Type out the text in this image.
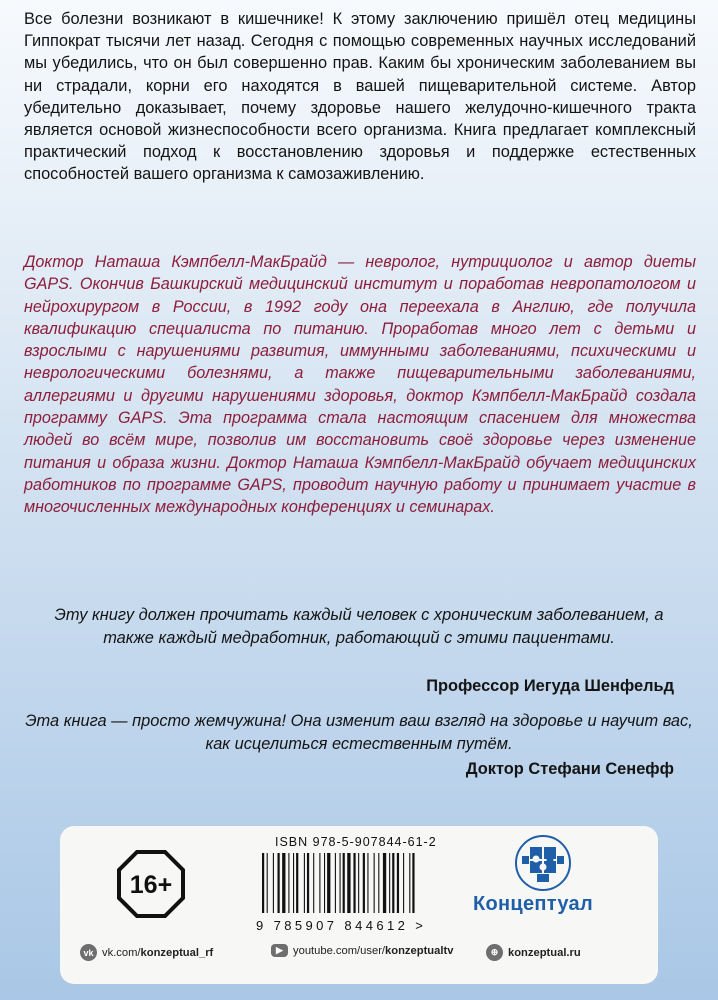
Все болезни возникают в кишечнике! К этому заключению пришёл отец медицины Гиппократ тысячи лет назад. Сегодня с помощью современных научных исследований мы убедились, что он был совершенно прав. Каким бы хроническим заболеванием вы ни страдали, корни его находятся в вашей пищеварительной системе. Автор убедительно доказывает, почему здоровье нашего желудочно-кишечного тракта является основой жизнеспособности всего организма. Книга предлагает комплексный практический подход к восстановлению здоровья и поддержке естественных способностей вашего организма к самозаживлению.

Доктор Наташа Кэмпбелл-МакБрайд — невролог, нутрициолог и автор диеты GAPS. Окончив Башкирский медицинский институт и поработав невропатологом и нейрохирургом в России, в 1992 году она переехала в Англию, где получила квалификацию специалиста по питанию. Проработав много лет с детьми и взрослыми с нарушениями развития, иммунными заболеваниями, психическими и неврологическими болезнями, а также пищеварительными заболеваниями, аллергиями и другими нарушениями здоровья, доктор Кэмпбелл-МакБрайд создала программу GAPS. Эта программа стала настоящим спасением для множества людей во всём мире, позволив им восстановить своё здоровье через изменение питания и образа жизни. Доктор Наташа Кэмпбелл-МакБрайд обучает медицинских работников по программе GAPS, проводит научную работу и принимает участие в многочисленных международных конференциях и семинарах.

Эту книгу должен прочитать каждый человек с хроническим заболеванием, а также каждый медработник, работающий с этими пациентами.

Профессор Иегуда Шенфельд

Эта книга — просто жемчужина! Она изменит ваш взгляд на здоровье и научит вас, как исцелиться естественным путём.

Доктор Стефани Сенефф

16+
ISBN 978-5-907844-61-2
9 785907 844612 >
Концептуал
vk vk.com/ konzeptual_rf	▶ youtube.com/user/ konzeptualtv	⊕ konzeptual.ru
